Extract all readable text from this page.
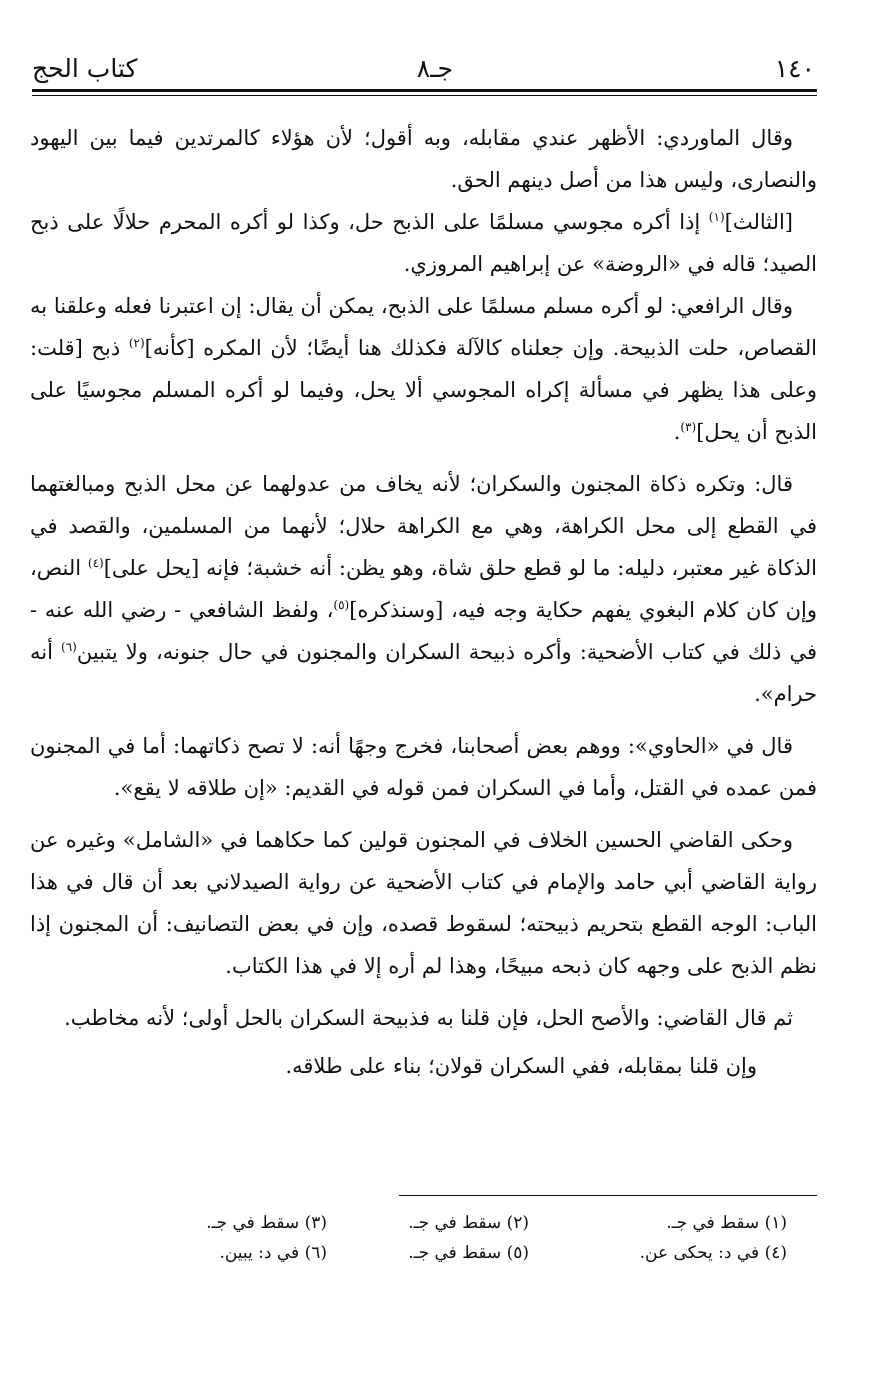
١٤٠
جـ٨
كتاب الحج

وقال الماوردي: الأظهر عندي مقابله، وبه أقول؛ لأن هؤلاء كالمرتدين فيما بين اليهود والنصارى، وليس هذا من أصل دينهم الحق.

[الثالث]$^{(١)}$ إذا أكره مجوسي مسلمًا على الذبح حل، وكذا لو أكره المحرم حلالًا على ذبح الصيد؛ قاله في «الروضة» عن إبراهيم المروزي.

وقال الرافعي: لو أكره مسلم مسلمًا على الذبح، يمكن أن يقال: إن اعتبرنا فعله وعلقنا به القصاص، حلت الذبيحة. وإن جعلناه كالآلة فكذلك هنا أيضًا؛ لأن المكره [كأنه]$^{(٢)}$ ذبح [قلت: وعلى هذا يظهر في مسألة إكراه المجوسي ألا يحل، وفيما لو أكره المسلم مجوسيًا على الذبح أن يحل]$^{(٣)}$.

قال: وتكره ذكاة المجنون والسكران؛ لأنه يخاف من عدولهما عن محل الذبح ومبالغتهما في القطع إلى محل الكراهة، وهي مع الكراهة حلال؛ لأنهما من المسلمين، والقصد في الذكاة غير معتبر، دليله: ما لو قطع حلق شاة، وهو يظن: أنه خشبة؛ فإنه [يحل على]$^{(٤)}$ النص، وإن كان كلام البغوي يفهم حكاية وجه فيه، [وسنذكره]$^{(٥)}$، ولفظ الشافعي - رضي الله عنه - في ذلك في كتاب الأضحية: وأكره ذبيحة السكران والمجنون في حال جنونه، ولا يتبين$^{(٦)}$ أنه حرام».

قال في «الحاوي»: ووهم بعض أصحابنا، فخرج وجهًا أنه: لا تصح ذكاتهما: أما في المجنون فمن عمده في القتل، وأما في السكران فمن قوله في القديم: «إن طلاقه لا يقع».

وحكى القاضي الحسين الخلاف في المجنون قولين كما حكاهما في «الشامل» وغيره عن رواية القاضي أبي حامد والإمام في كتاب الأضحية عن رواية الصيدلاني بعد أن قال في هذا الباب: الوجه القطع بتحريم ذبيحته؛ لسقوط قصده، وإن في بعض التصانيف: أن المجنون إذا نظم الذبح على وجهه كان ذبحه مبيحًا، وهذا لم أره إلا في هذا الكتاب.

ثم قال القاضي: والأصح الحل، فإن قلنا به فذبيحة السكران بالحل أولى؛ لأنه مخاطب.

وإن قلنا بمقابله، ففي السكران قولان؛ بناء على طلاقه.

(١) سقط في جـ.
(٢) سقط في جـ.
(٣) سقط في جـ.
(٤) في د: يحكى عن.
(٥) سقط في جـ.
(٦) في د: يبين.
